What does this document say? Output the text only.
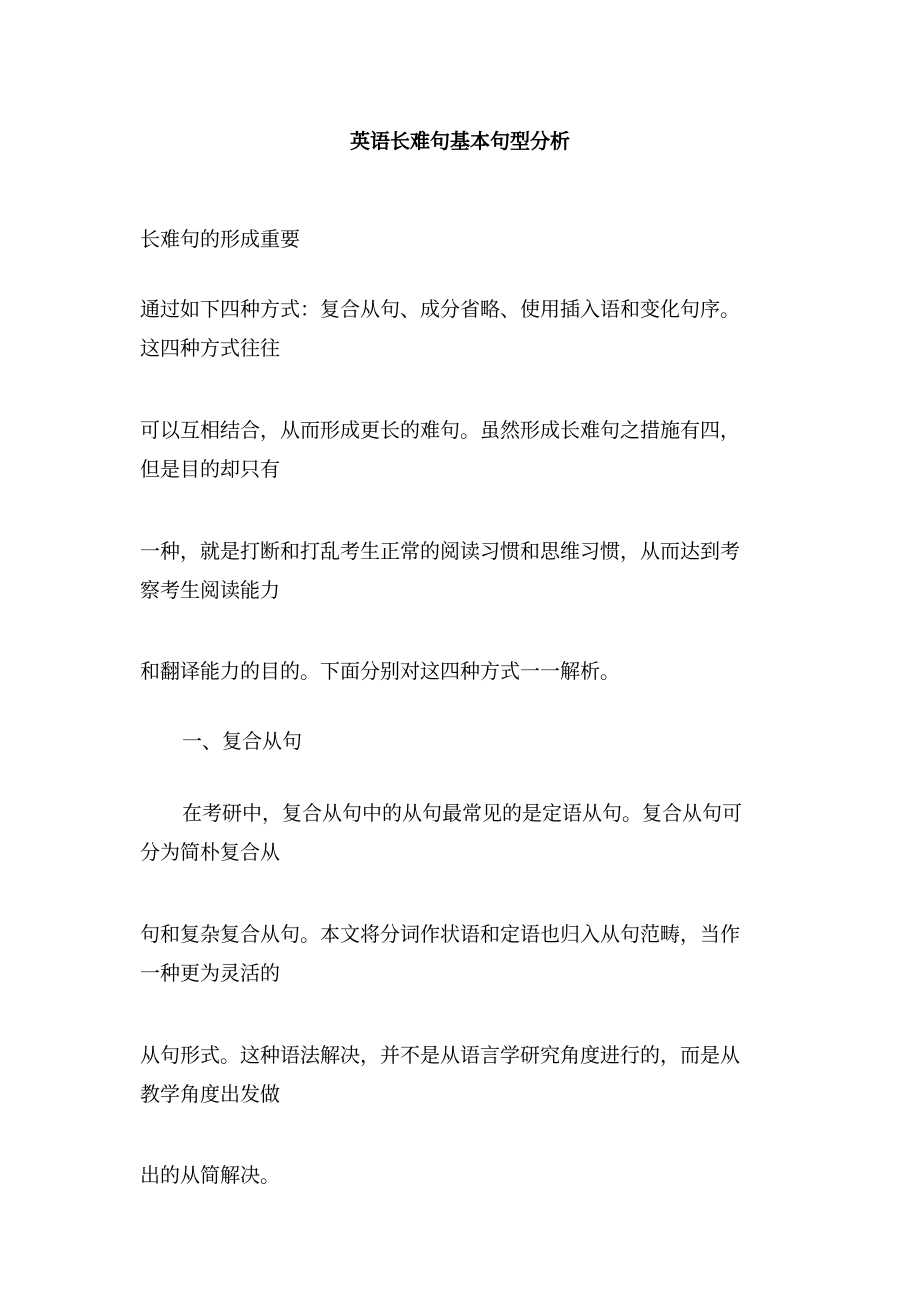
英语长难句基本句型分析

长难句的形成重要

通过如下四种方式：复合从句、成分省略、使用插入语和变化句序。
这四种方式往往

可以互相结合，从而形成更长的难句。虽然形成长难句之措施有四，
但是目的却只有

一种，就是打断和打乱考生正常的阅读习惯和思维习惯，从而达到考
察考生阅读能力

和翻译能力的目的。下面分别对这四种方式一一解析。

一、复合从句

在考研中，复合从句中的从句最常见的是定语从句。复合从句可
分为简朴复合从

句和复杂复合从句。本文将分词作状语和定语也归入从句范畴，当作
一种更为灵活的

从句形式。这种语法解决，并不是从语言学研究角度进行的，而是从
教学角度出发做

出的从简解决。
